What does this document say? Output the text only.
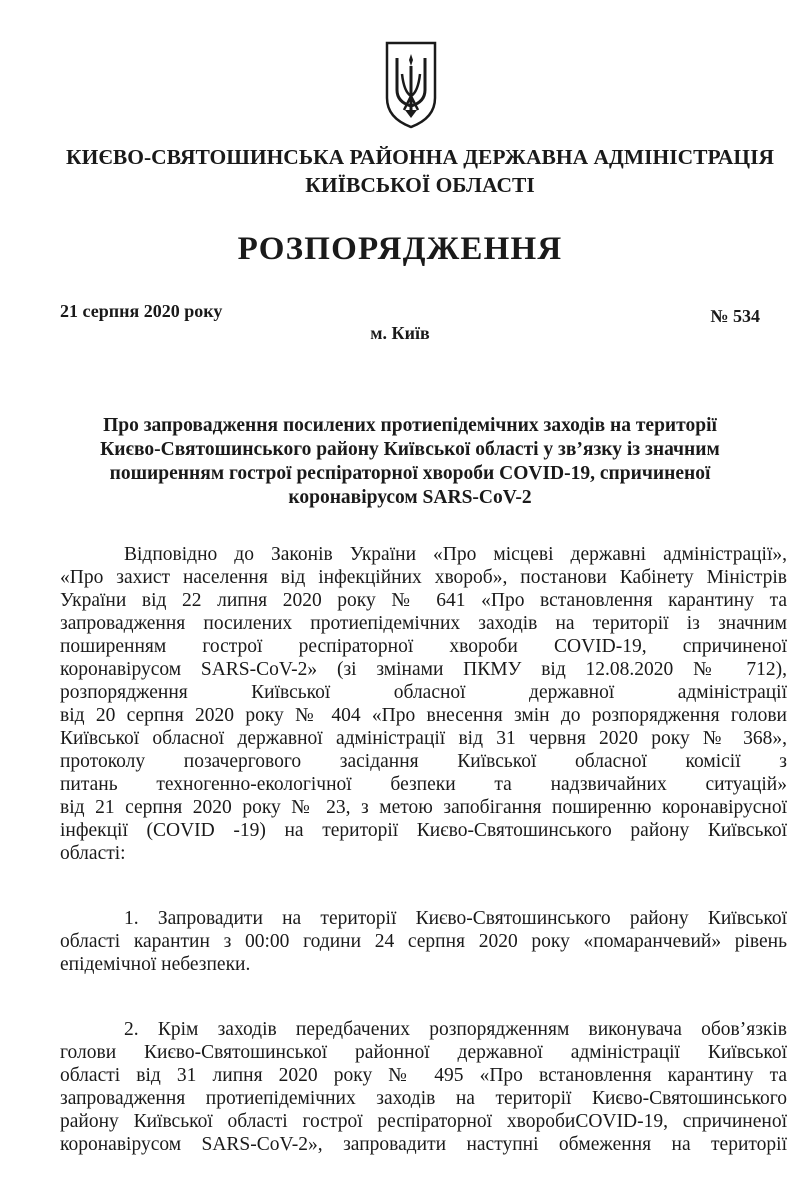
КИЄВО-СВЯТОШИНСЬКА РАЙОННА ДЕРЖАВНА АДМІНІСТРАЦІЯ
КИЇВСЬКОЇ ОБЛАСТІ
РОЗПОРЯДЖЕННЯ
21 серпня 2020 року	№ 534
м. Київ
Про запровадження посилених протиепідемічних заходів на території
Києво-Святошинського району Київської області у зв’язку із значним
поширенням гострої респіраторної хвороби COVID-19, спричиненої
коронавірусом SARS-CoV-2
Відповідно до Законів України «Про місцеві державні адміністрації»,
«Про захист населення від інфекційних хвороб», постанови Кабінету Міністрів
України від 22 липня 2020 року № 641 «Про встановлення карантину та
запровадження посилених протиепідемічних заходів на території із значним
поширенням гострої респіраторної хвороби COVID-19, спричиненої
коронавірусом SARS-CoV-2» (зі змінами ПКМУ від 12.08.2020 № 712),
розпорядження Київської обласної державної адміністрації
від 20 серпня 2020 року № 404 «Про внесення змін до розпорядження голови
Київської обласної державної адміністрації від 31 червня 2020 року № 368»,
протоколу позачергового засідання Київської обласної комісії з
питань техногенно-екологічної безпеки та надзвичайних ситуацій»
від 21 серпня 2020 року № 23, з метою запобігання поширенню коронавірусної
інфекції (COVID -19) на території Києво-Святошинського району Київської
області:
1. Запровадити на території Києво-Святошинського району Київської
області карантин з 00:00 години 24 серпня 2020 року «помаранчевий» рівень
епідемічної небезпеки.
2. Крім заходів передбачених розпорядженням виконувача обов’язків
голови Києво-Святошинської районної державної адміністрації Київської
області від 31 липня 2020 року № 495 «Про встановлення карантину та
запровадження протиепідемічних заходів на території Києво-Святошинського
району Київської області гострої респіраторної хворобиCOVID-19, спричиненої
коронавірусом SARS-CoV-2», запровадити наступні обмеження на території
